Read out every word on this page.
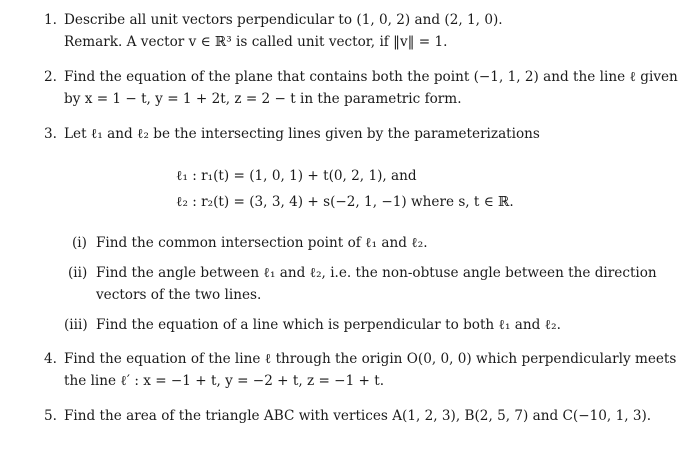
1. Describe all unit vectors perpendicular to (1, 0, 2) and (2, 1, 0).
Remark. A vector v ∈ ℝ³ is called unit vector, if ‖v‖ = 1.
2. Find the equation of the plane that contains both the point (−1, 1, 2) and the line ℓ given
by x = 1 − t, y = 1 + 2t, z = 2 − t in the parametric form.
3. Let ℓ₁ and ℓ₂ be the intersecting lines given by the parameterizations
ℓ₁ : r₁(t) = (1, 0, 1) + t(0, 2, 1), and
ℓ₂ : r₂(t) = (3, 3, 4) + s(−2, 1, −1) where s, t ∈ ℝ.
(i) Find the common intersection point of ℓ₁ and ℓ₂.
(ii) Find the angle between ℓ₁ and ℓ₂, i.e. the non-obtuse angle between the direction
vectors of the two lines.
(iii) Find the equation of a line which is perpendicular to both ℓ₁ and ℓ₂.
4. Find the equation of the line ℓ through the origin O(0, 0, 0) which perpendicularly meets
the line ℓ′ : x = −1 + t, y = −2 + t, z = −1 + t.
5. Find the area of the triangle ABC with vertices A(1, 2, 3), B(2, 5, 7) and C(−10, 1, 3).
